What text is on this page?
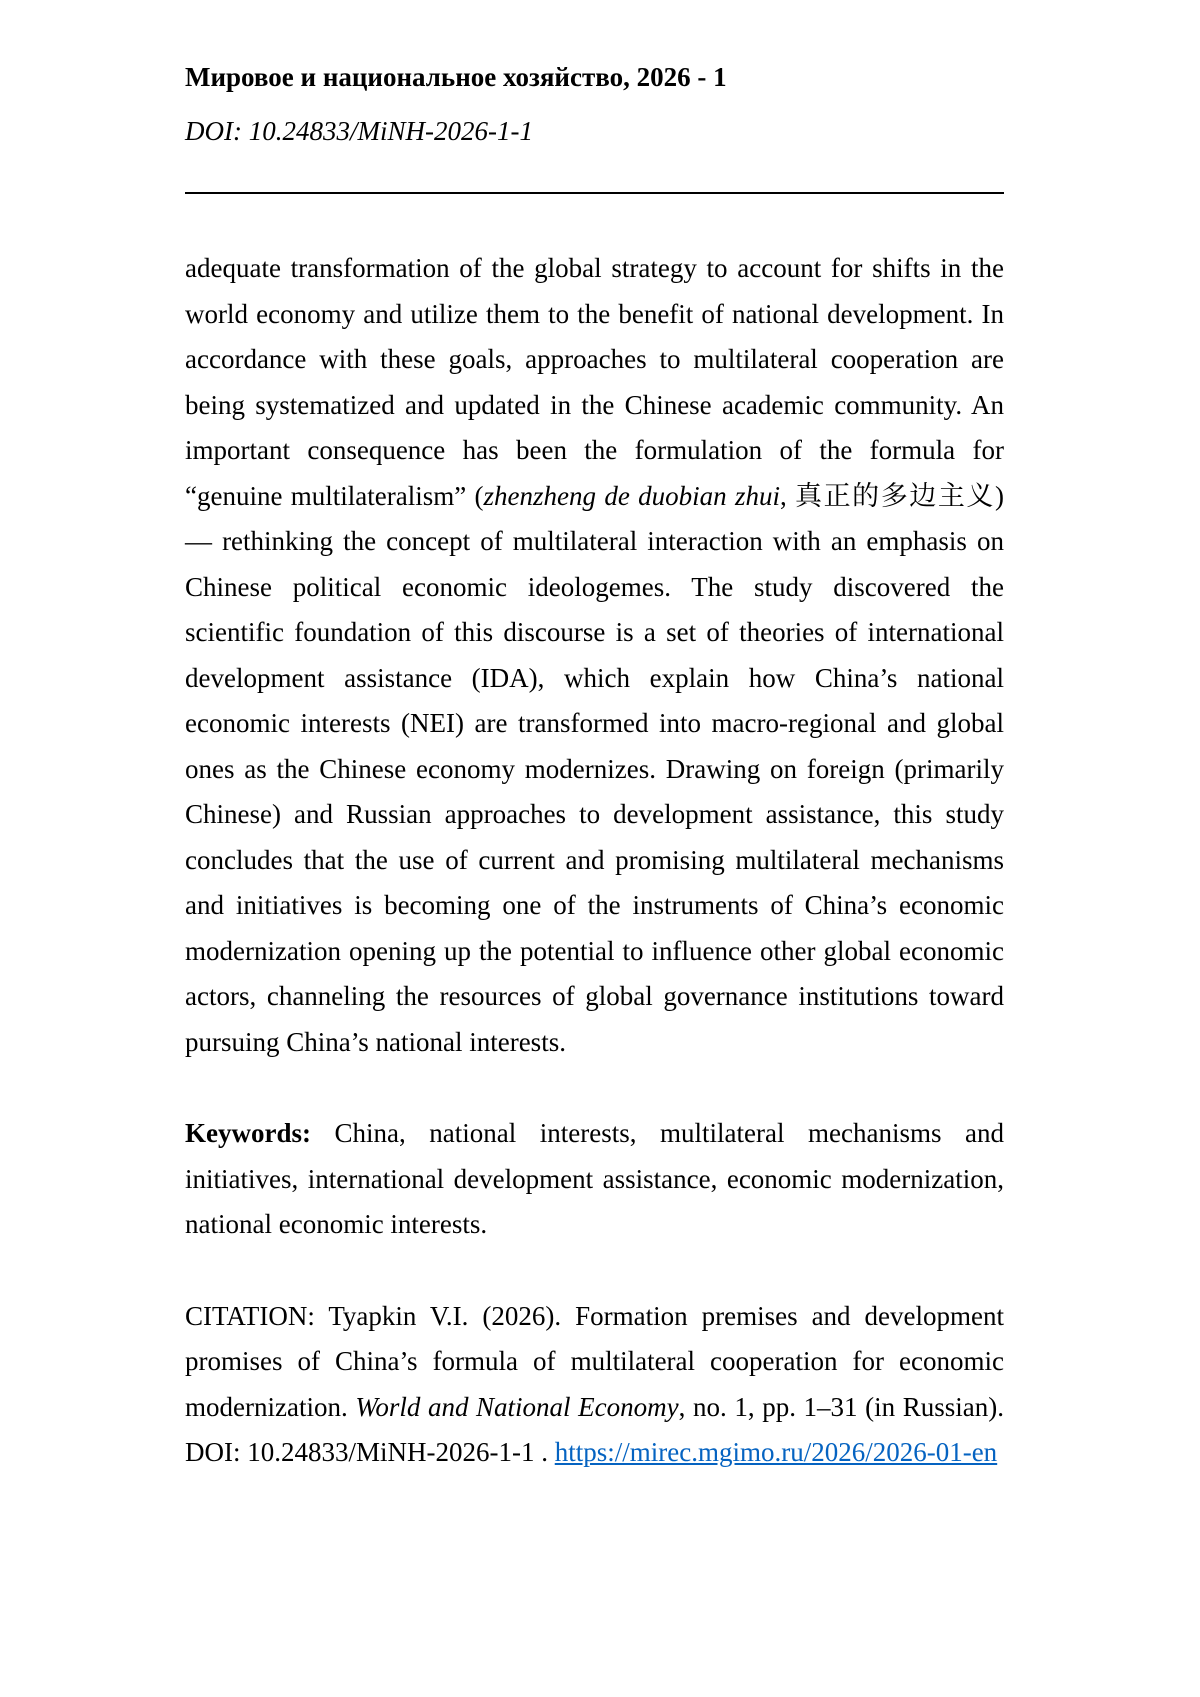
Мировое и национальное хозяйство, 2026 - 1

DOI: 10.24833/MiNH-2026-1-1

adequate transformation of the global strategy to account for shifts in the world economy and utilize them to the benefit of national development. In accordance with these goals, approaches to multilateral cooperation are being systematized and updated in the Chinese academic community. An important consequence has been the formulation of the formula for “genuine multilateralism” (zhenzheng de duobian zhui, 真正的多边主义) — rethinking the concept of multilateral interaction with an emphasis on Chinese political economic ideologemes. The study discovered the scientific foundation of this discourse is a set of theories of international development assistance (IDA), which explain how China’s national economic interests (NEI) are transformed into macro-regional and global ones as the Chinese economy modernizes. Drawing on foreign (primarily Chinese) and Russian approaches to development assistance, this study concludes that the use of current and promising multilateral mechanisms and initiatives is becoming one of the instruments of China’s economic modernization opening up the potential to influence other global economic actors, channeling the resources of global governance institutions toward pursuing China’s national interests.

Keywords: China, national interests, multilateral mechanisms and initiatives, international development assistance, economic modernization, national economic interests.

CITATION: Tyapkin V.I. (2026). Formation premises and development promises of China’s formula of multilateral cooperation for economic modernization. World and National Economy, no. 1, pp. 1–31 (in Russian). DOI: 10.24833/MiNH-2026-1-1 . https://mirec.mgimo.ru/2026/2026-01-en
